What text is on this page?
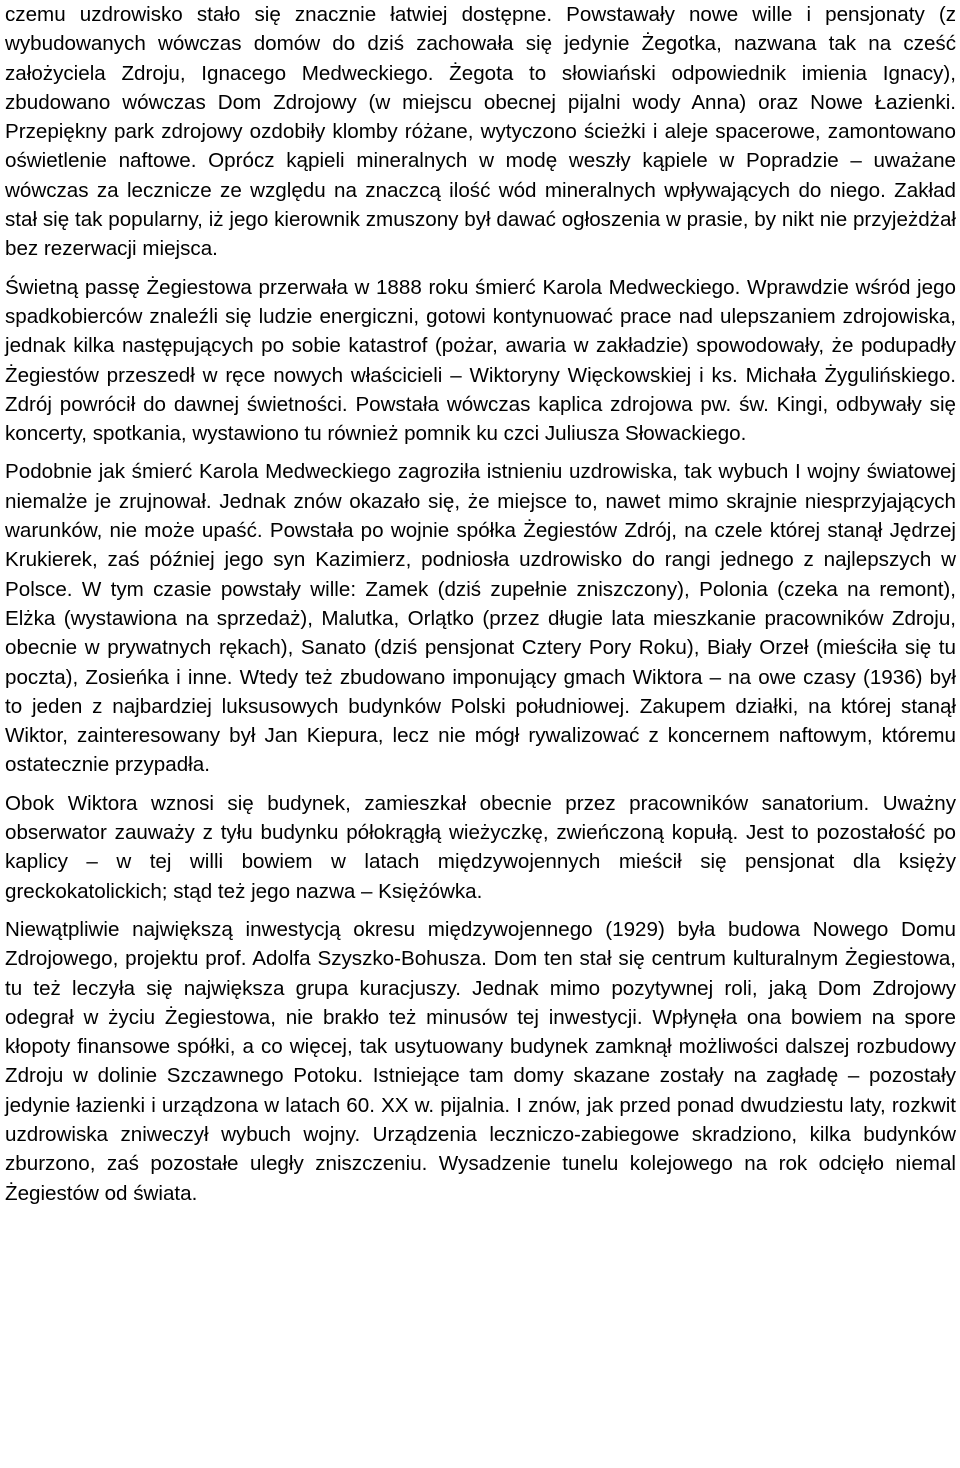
czemu uzdrowisko stało się znacznie łatwiej dostępne. Powstawały nowe wille i pensjonaty (z wybudowanych wówczas domów do dziś zachowała się jedynie Żegotka, nazwana tak na cześć założyciela Zdroju, Ignacego Medweckiego. Żegota to słowiański odpowiednik imienia Ignacy), zbudowano wówczas Dom Zdrojowy (w miejscu obecnej pijalni wody Anna) oraz Nowe Łazienki. Przepiękny park zdrojowy ozdobiły klomby różane, wytyczono ścieżki i aleje spacerowe, zamontowano oświetlenie naftowe. Oprócz kąpieli mineralnych w modę weszły kąpiele w Popradzie – uważane wówczas za lecznicze ze względu na znaczcą ilość wód mineralnych wpływających do niego. Zakład stał się tak popularny, iż jego kierownik zmuszony był dawać ogłoszenia w prasie, by nikt nie przyjeżdżał bez rezerwacji miejsca.

Świetną passę Żegiestowa przerwała w 1888 roku śmierć Karola Medweckiego. Wprawdzie wśród jego spadkobierców znaleźli się ludzie energiczni, gotowi kontynuować prace nad ulepszaniem zdrojowiska, jednak kilka następujących po sobie katastrof (pożar, awaria w zakładzie) spowodowały, że podupadły Żegiestów przeszedł w ręce nowych właścicieli – Wiktoryny Więckowskiej i ks. Michała Żygulińskiego. Zdrój powrócił do dawnej świetności. Powstała wówczas kaplica zdrojowa pw. św. Kingi, odbywały się koncerty, spotkania, wystawiono tu również pomnik ku czci Juliusza Słowackiego.

Podobnie jak śmierć Karola Medweckiego zagroziła istnieniu uzdrowiska, tak wybuch I wojny światowej niemalże je zrujnował. Jednak znów okazało się, że miejsce to, nawet mimo skrajnie niesprzyjających warunków, nie może upaść. Powstała po wojnie spółka Żegiestów Zdrój, na czele której stanął Jędrzej Krukierek, zaś później jego syn Kazimierz, podniosła uzdrowisko do rangi jednego z najlepszych w Polsce. W tym czasie powstały wille: Zamek (dziś zupełnie zniszczony), Polonia (czeka na remont), Elżka (wystawiona na sprzedaż), Malutka, Orlątko (przez długie lata mieszkanie pracowników Zdroju, obecnie w prywatnych rękach), Sanato (dziś pensjonat Cztery Pory Roku), Biały Orzeł (mieściła się tu poczta), Zosieńka i inne. Wtedy też zbudowano imponujący gmach Wiktora – na owe czasy (1936) był to jeden z najbardziej luksusowych budynków Polski południowej. Zakupem działki, na której stanął Wiktor, zainteresowany był Jan Kiepura, lecz nie mógł rywalizować z koncernem naftowym, któremu ostatecznie przypadła.

Obok Wiktora wznosi się budynek, zamieszkał obecnie przez pracowników sanatorium. Uważny obserwator zauważy z tyłu budynku półokrągłą wieżyczkę, zwieńczoną kopułą. Jest to pozostałość po kaplicy – w tej willi bowiem w latach międzywojennych mieścił się pensjonat dla księży greckokatolickich; stąd też jego nazwa – Księżówka.

Niewątpliwie największą inwestycją okresu międzywojennego (1929) była budowa Nowego Domu Zdrojowego, projektu prof. Adolfa Szyszko-Bohusza. Dom ten stał się centrum kulturalnym Żegiestowa, tu też leczyła się największa grupa kuracjuszy. Jednak mimo pozytywnej roli, jaką Dom Zdrojowy odegrał w życiu Żegiestowa, nie brakło też minusów tej inwestycji. Wpłynęła ona bowiem na spore kłopoty finansowe spółki, a co więcej, tak usytuowany budynek zamknął możliwości dalszej rozbudowy Zdroju w dolinie Szczawnego Potoku. Istniejące tam domy skazane zostały na zagładę – pozostały jedynie łazienki i urządzona w latach 60. XX w. pijalnia. I znów, jak przed ponad dwudziestu laty, rozkwit uzdrowiska zniweczył wybuch wojny. Urządzenia leczniczo-zabiegowe skradziono, kilka budynków zburzono, zaś pozostałe uległy zniszczeniu. Wysadzenie tunelu kolejowego na rok odcięło niemal Żegiestów od świata.
